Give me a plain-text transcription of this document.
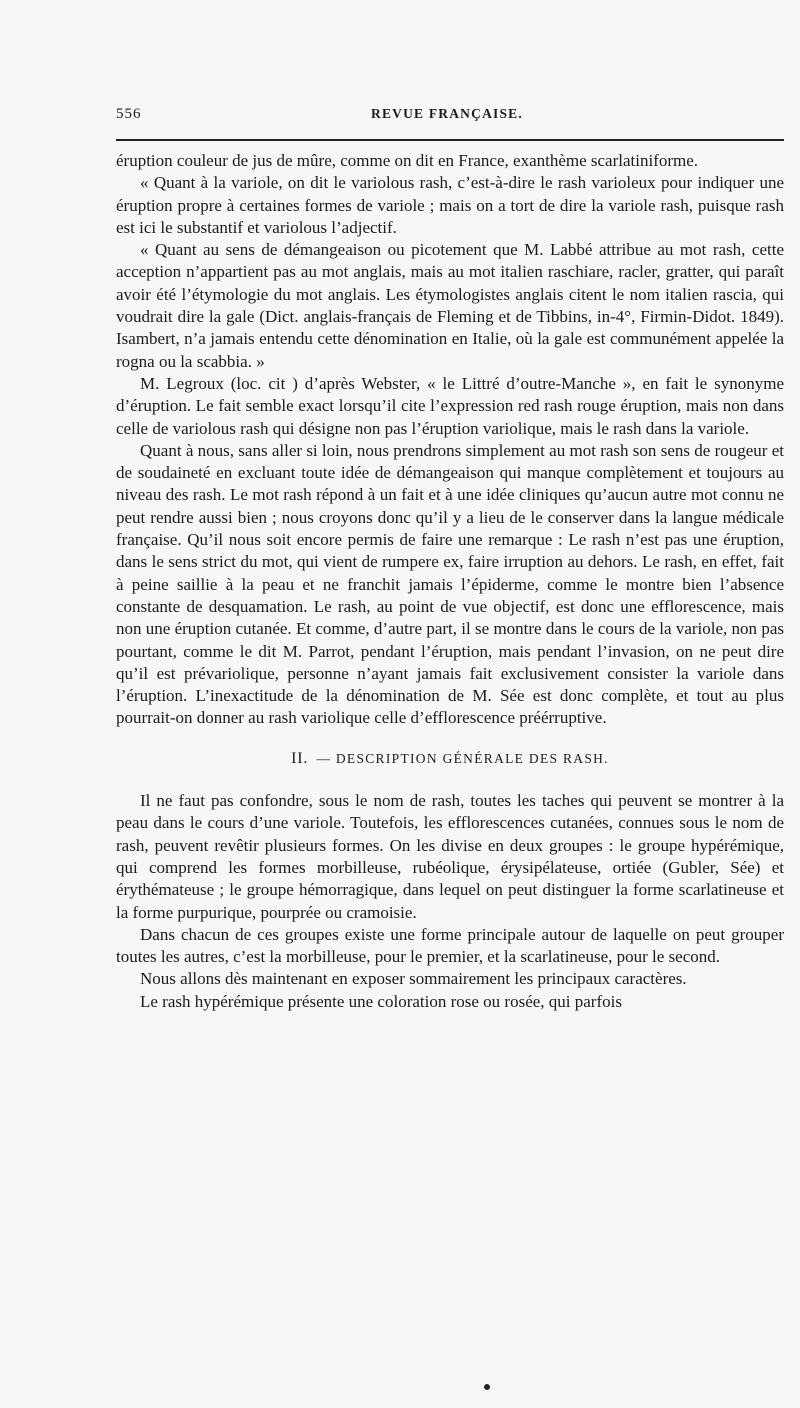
556	REVUE FRANÇAISE.

éruption couleur de jus de mûre, comme on dit en France, exanthème scarlatiniforme.

« Quant à la variole, on dit le variolous rash, c’est-à-dire le rash varioleux pour indiquer une éruption propre à certaines formes de variole ; mais on a tort de dire la variole rash, puisque rash est ici le substantif et variolous l’adjectif.

« Quant au sens de démangeaison ou picotement que M. Labbé attribue au mot rash, cette acception n’appartient pas au mot anglais, mais au mot italien raschiare, racler, gratter, qui paraît avoir été l’étymologie du mot anglais. Les étymologistes anglais citent le nom italien rascia, qui voudrait dire la gale (Dict. anglais-français de Fleming et de Tibbins, in-4°, Firmin-Didot. 1849). Isambert, n’a jamais entendu cette dénomination en Italie, où la gale est communément appelée la rogna ou la scabbia. »

M. Legroux (loc. cit ) d’après Webster, « le Littré d’outre-Manche », en fait le synonyme d’éruption. Le fait semble exact lorsqu’il cite l’expression red rash rouge éruption, mais non dans celle de variolous rash qui désigne non pas l’éruption variolique, mais le rash dans la variole.

Quant à nous, sans aller si loin, nous prendrons simplement au mot rash son sens de rougeur et de soudaineté en excluant toute idée de démangeaison qui manque complètement et toujours au niveau des rash. Le mot rash répond à un fait et à une idée cliniques qu’aucun autre mot connu ne peut rendre aussi bien ; nous croyons donc qu’il y a lieu de le conserver dans la langue médicale française. Qu’il nous soit encore permis de faire une remarque : Le rash n’est pas une éruption, dans le sens strict du mot, qui vient de rumpere ex, faire irruption au dehors. Le rash, en effet, fait à peine saillie à la peau et ne franchit jamais l’épiderme, comme le montre bien l’absence constante de desquamation. Le rash, au point de vue objectif, est donc une efflorescence, mais non une éruption cutanée. Et comme, d’autre part, il se montre dans le cours de la variole, non pas pourtant, comme le dit M. Parrot, pendant l’éruption, mais pendant l’invasion, on ne peut dire qu’il est prévariolique, personne n’ayant jamais fait exclusivement consister la variole dans l’éruption. L’inexactitude de la dénomination de M. Sée est donc complète, et tout au plus pourrait-on donner au rash variolique celle d’efflorescence préérruptive.

II. — DESCRIPTION GÉNÉRALE DES RASH.

Il ne faut pas confondre, sous le nom de rash, toutes les taches qui peuvent se montrer à la peau dans le cours d’une variole. Toutefois, les efflorescences cutanées, connues sous le nom de rash, peuvent revêtir plusieurs formes. On les divise en deux groupes : le groupe hypérémique, qui comprend les formes morbilleuse, rubéolique, érysipélateuse, ortiée (Gubler, Sée) et érythémateuse ; le groupe hémorragique, dans lequel on peut distinguer la forme scarlatineuse et la forme purpurique, pourprée ou cramoisie.

Dans chacun de ces groupes existe une forme principale autour de laquelle on peut grouper toutes les autres, c’est la morbilleuse, pour le premier, et la scarlatineuse, pour le second.

Nous allons dès maintenant en exposer sommairement les principaux caractères.

Le rash hypérémique présente une coloration rose ou rosée, qui parfois
